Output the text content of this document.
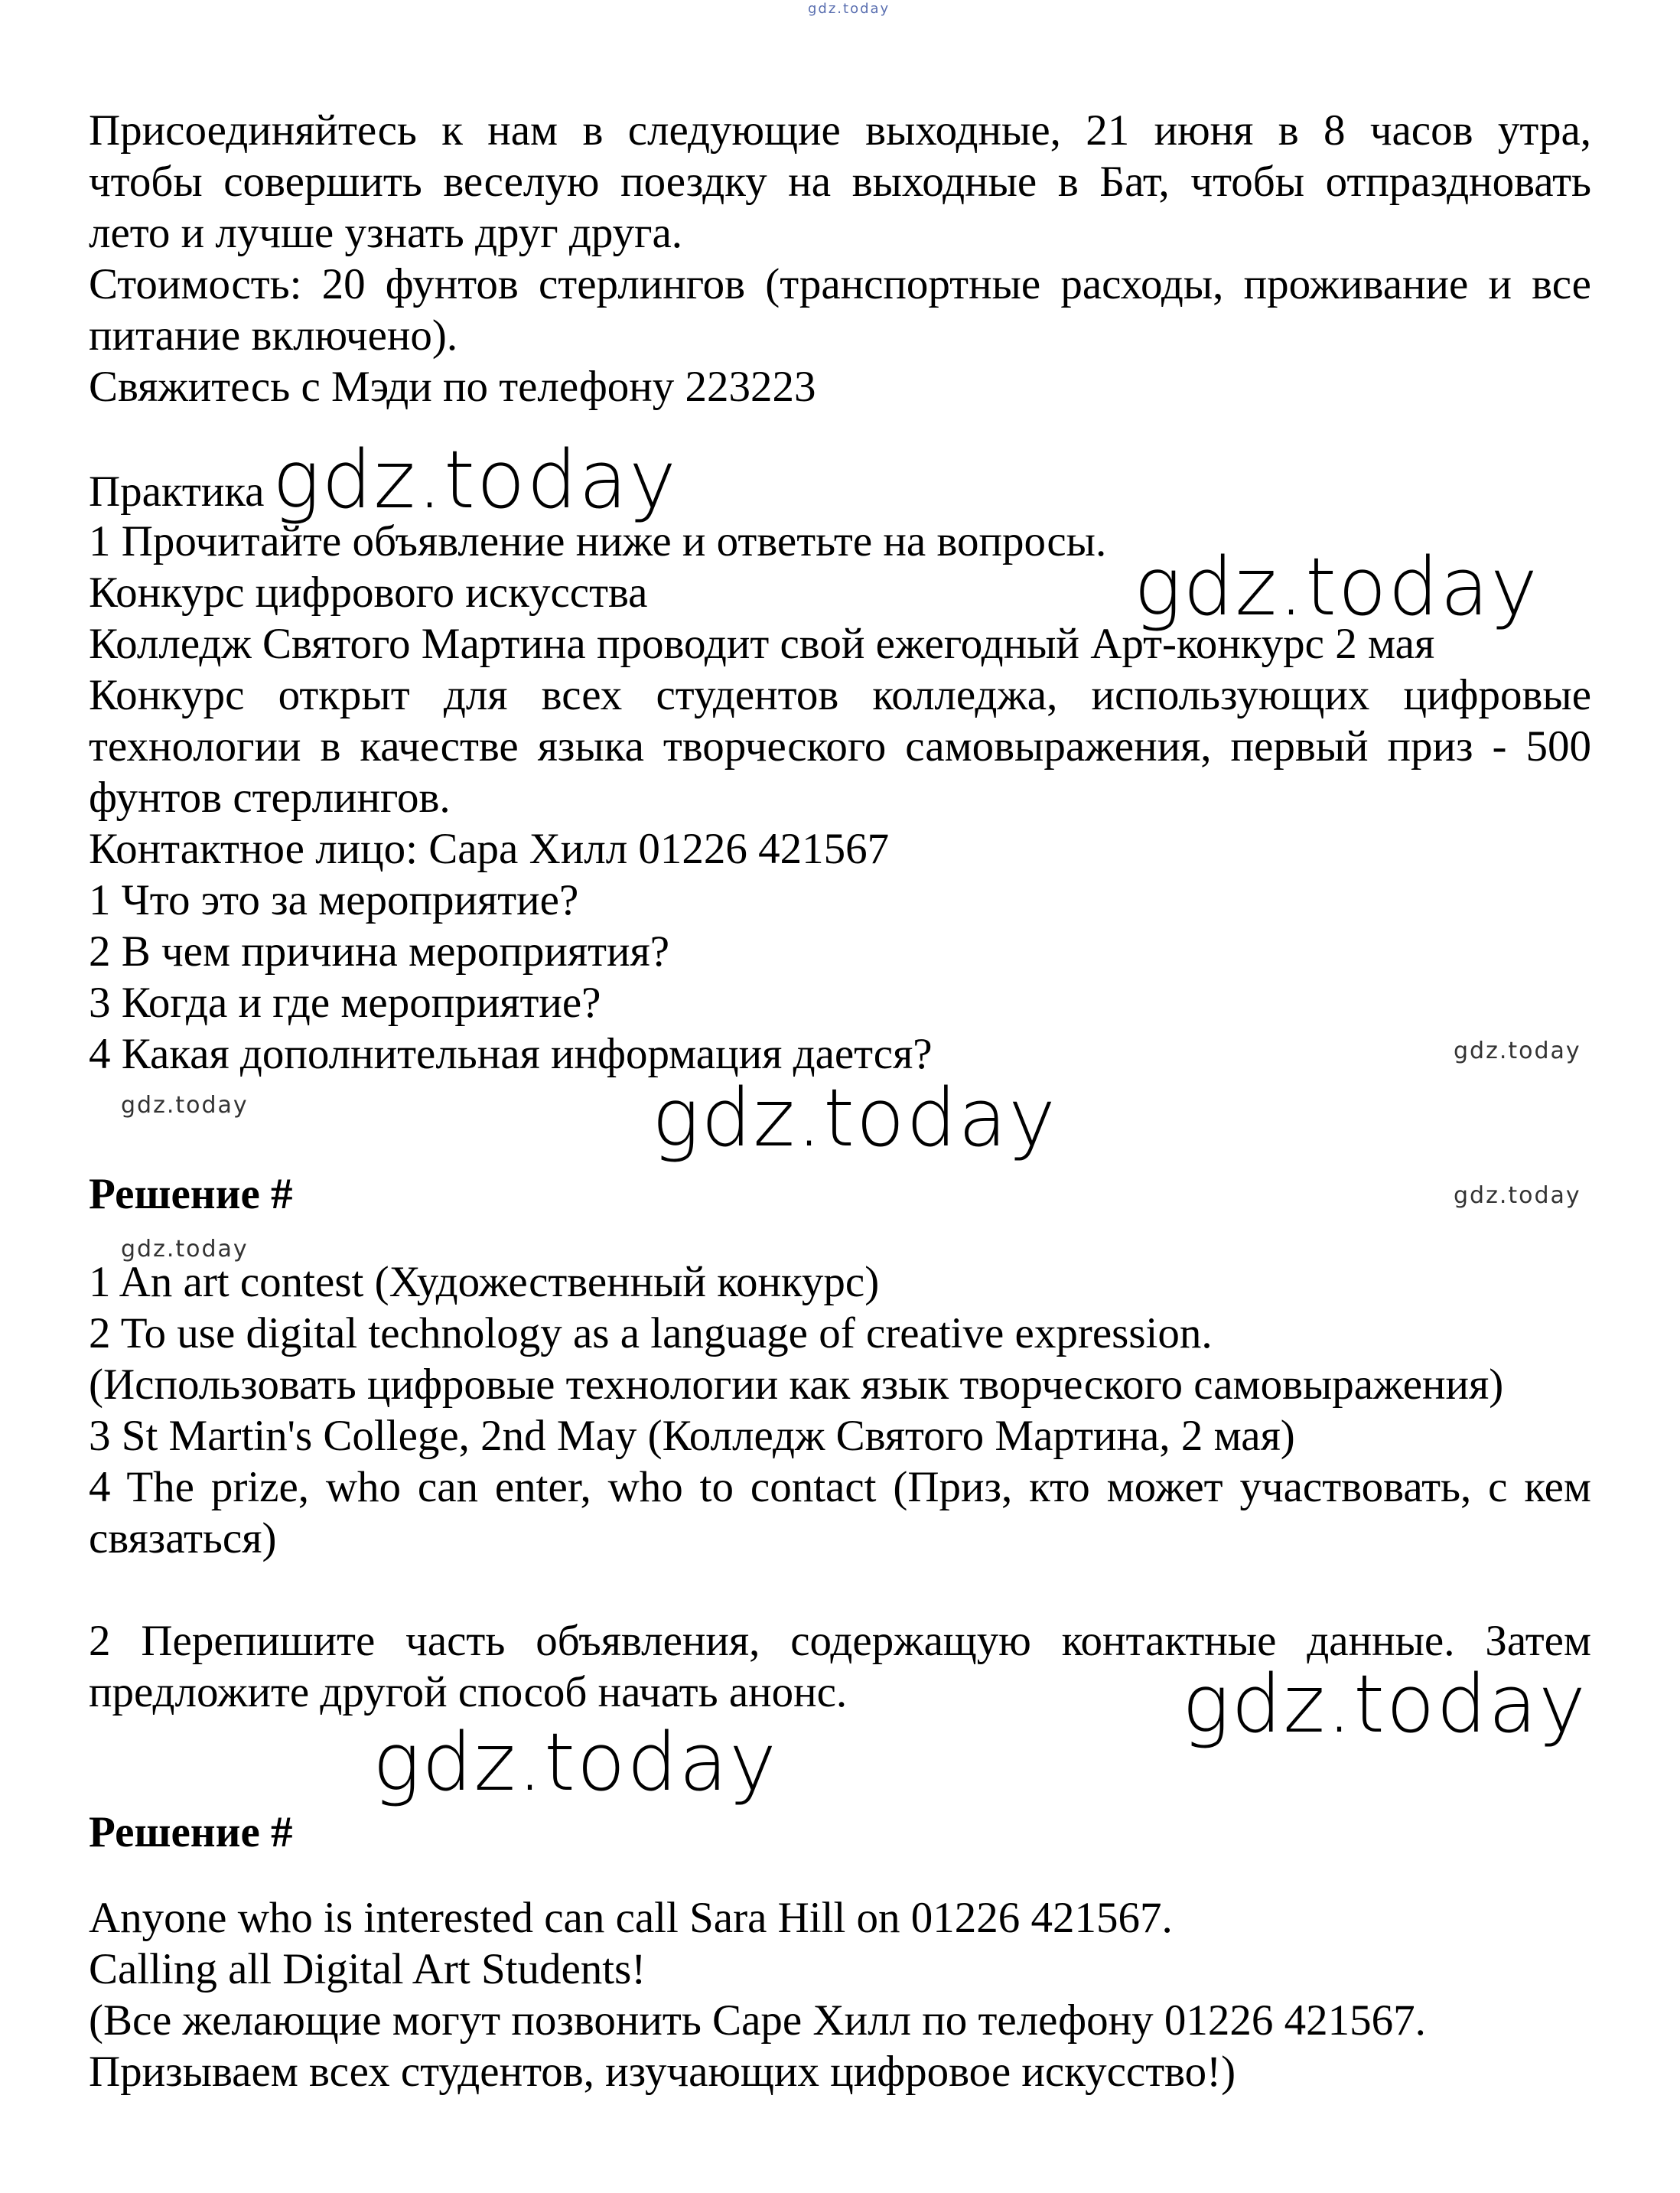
gdz.today
Присоединяйтесь к нам в следующие выходные, 21 июня в 8 часов утра,
чтобы совершить веселую поездку на выходные в Бат, чтобы отпраздновать
лето и лучше узнать друг друга.
Стоимость: 20 фунтов стерлингов (транспортные расходы, проживание и все
питание включено).
Свяжитесь с Мэди по телефону 223223
Практика
1 Прочитайте объявление ниже и ответьте на вопросы.
Конкурс цифрового искусства
Колледж Святого Мартина проводит свой ежегодный Арт-конкурс 2 мая
Конкурс открыт для всех студентов колледжа, использующих цифровые
технологии в качестве языка творческого самовыражения, первый приз - 500
фунтов стерлингов.
Контактное лицо: Сара Хилл 01226 421567
1 Что это за мероприятие?
2 В чем причина мероприятия?
3 Когда и где мероприятие?
4 Какая дополнительная информация дается?
Решение #
1 An art contest (Художественный конкурс)
2 To use digital technology as a language of creative expression.
(Использовать цифровые технологии как язык творческого самовыражения)
3 St Martin's College, 2nd May (Колледж Святого Мартина, 2 мая)
4 The prize, who can enter, who to contact (Приз, кто может участвовать, с кем
связаться)
2 Перепишите часть объявления, содержащую контактные данные. Затем
предложите другой способ начать анонс.
Решение #
Anyone who is interested can call Sara Hill on 01226 421567.
Calling all Digital Art Students!
(Все желающие могут позвонить Саре Хилл по телефону 01226 421567.
Призываем всех студентов, изучающих цифровое искусство!)
gdz.today
gdz.today
gdz.today
gdz.today	gdz.today
gdz.today
gdz.today
gdz.today
gdz.today
